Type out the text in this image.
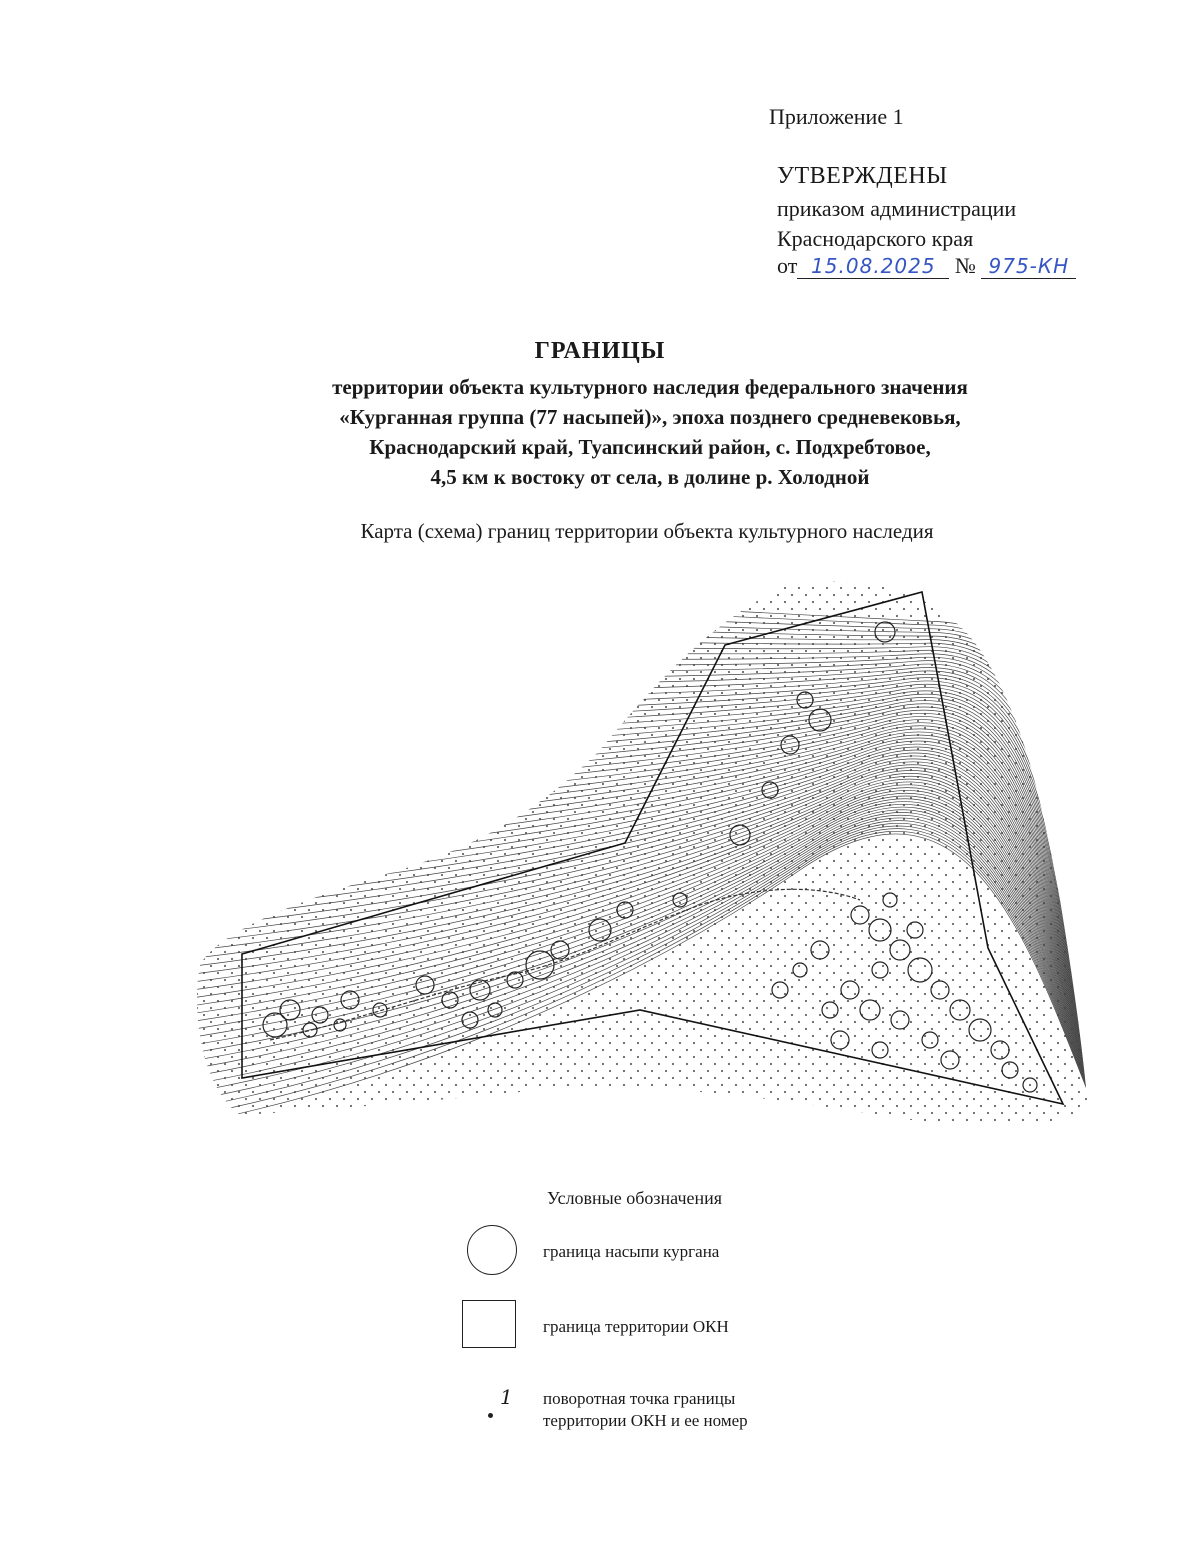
Приложение 1
УТВЕРЖДЕНЫ
приказом администрации
Краснодарского края
от 15.08.2025 № 975-КН
ГРАНИЦЫ
территории объекта культурного наследия федерального значения
«Курганная группа (77 насыпей)», эпоха позднего средневековья,
Краснодарский край, Туапсинский район, с. Подхребтовое,
4,5 км к востоку от села, в долине р. Холодной
Карта (схема) границ территории объекта культурного наследия
Условные обозначения
граница насыпи кургана
граница территории ОКН
1 поворотная точка границы
территории ОКН и ее номер
